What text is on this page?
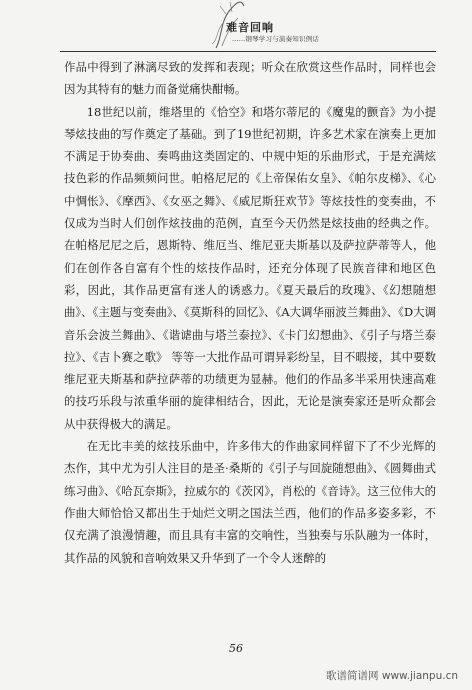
难音回响
……钢琴学习与演奏知识例话

作品中得到了淋漓尽致的发挥和表现；听众在欣赏这些作品时，同样也会因为其特有的魅力而备觉痛快酣畅。

18世纪以前，维塔里的《恰空》和塔尔蒂尼的《魔鬼的颤音》为小提琴炫技曲的写作奠定了基础。到了19世纪初期，许多艺术家在演奏上更加不满足于协奏曲、奏鸣曲这类固定的、中规中矩的乐曲形式，于是充满炫技色彩的作品频频问世。帕格尼尼的《上帝保佑女皇》、《帕尔皮梯》、《心中惆怅》、《摩西》、《女巫之舞》、《威尼斯狂欢节》等炫技性的变奏曲，不仅成为当时人们创作炫技曲的范例，直至今天仍然是炫技曲的经典之作。在帕格尼尼之后，恩斯特、维厄当、维尼亚夫斯基以及萨拉萨蒂等人，他们在创作各自富有个性的炫技作品时，还充分体现了民族音律和地区色彩，因此，其作品更富有迷人的诱惑力。《夏天最后的玫瑰》、《幻想随想曲》、《主题与变奏曲》、《莫斯科的回忆》、《A大调华丽波兰舞曲》、《D大调音乐会波兰舞曲》、《谐谑曲与塔兰泰拉》、《卡门幻想曲》、《引子与塔兰泰拉》、《吉卜赛之歌》 等等一大批作品可谓异彩纷呈，目不暇接，其中要数维尼亚夫斯基和萨拉萨蒂的功绩更为显赫。他们的作品多半采用快速高难的技巧乐段与浓重华丽的旋律相结合，因此，无论是演奏家还是听众都会从中获得极大的满足。

在无比丰美的炫技乐曲中，许多伟大的作曲家同样留下了不少光辉的杰作，其中尤为引人注目的是圣·桑斯的《引子与回旋随想曲》、《圆舞曲式练习曲》、《哈瓦奈斯》，拉威尔的《茨冈》，肖松的《音诗》。这三位伟大的作曲大师恰恰又都出生于灿烂文明之国法兰西，他们的作品多姿多彩，不仅充满了浪漫情趣，而且具有丰富的交响性，当独奏与乐队融为一体时，其作品的风貌和音响效果又升华到了一个令人迷醉的

56
歌谱简谱网 www.jianpu.cn
